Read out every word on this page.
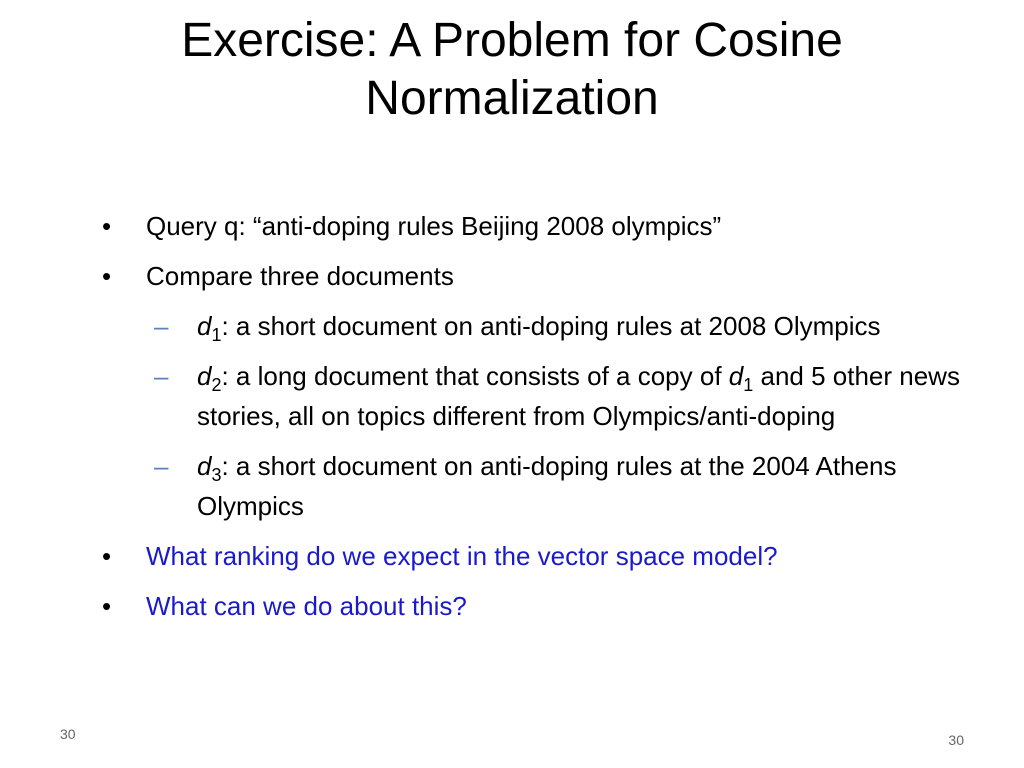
Exercise: A Problem for Cosine
Normalization
•	Query q: “anti-doping rules Beijing 2008 olympics”
•	Compare three documents
– $d_1$: a short document on anti-doping rules at 2008 Olympics
– $d_2$: a long document that consists of a copy of $d_1$ and 5 other news stories, all on topics different from Olympics/anti-doping
– $d_3$: a short document on anti-doping rules at the 2004 Athens Olympics
•	What ranking do we expect in the vector space model?
•	What can we do about this?
30	30
